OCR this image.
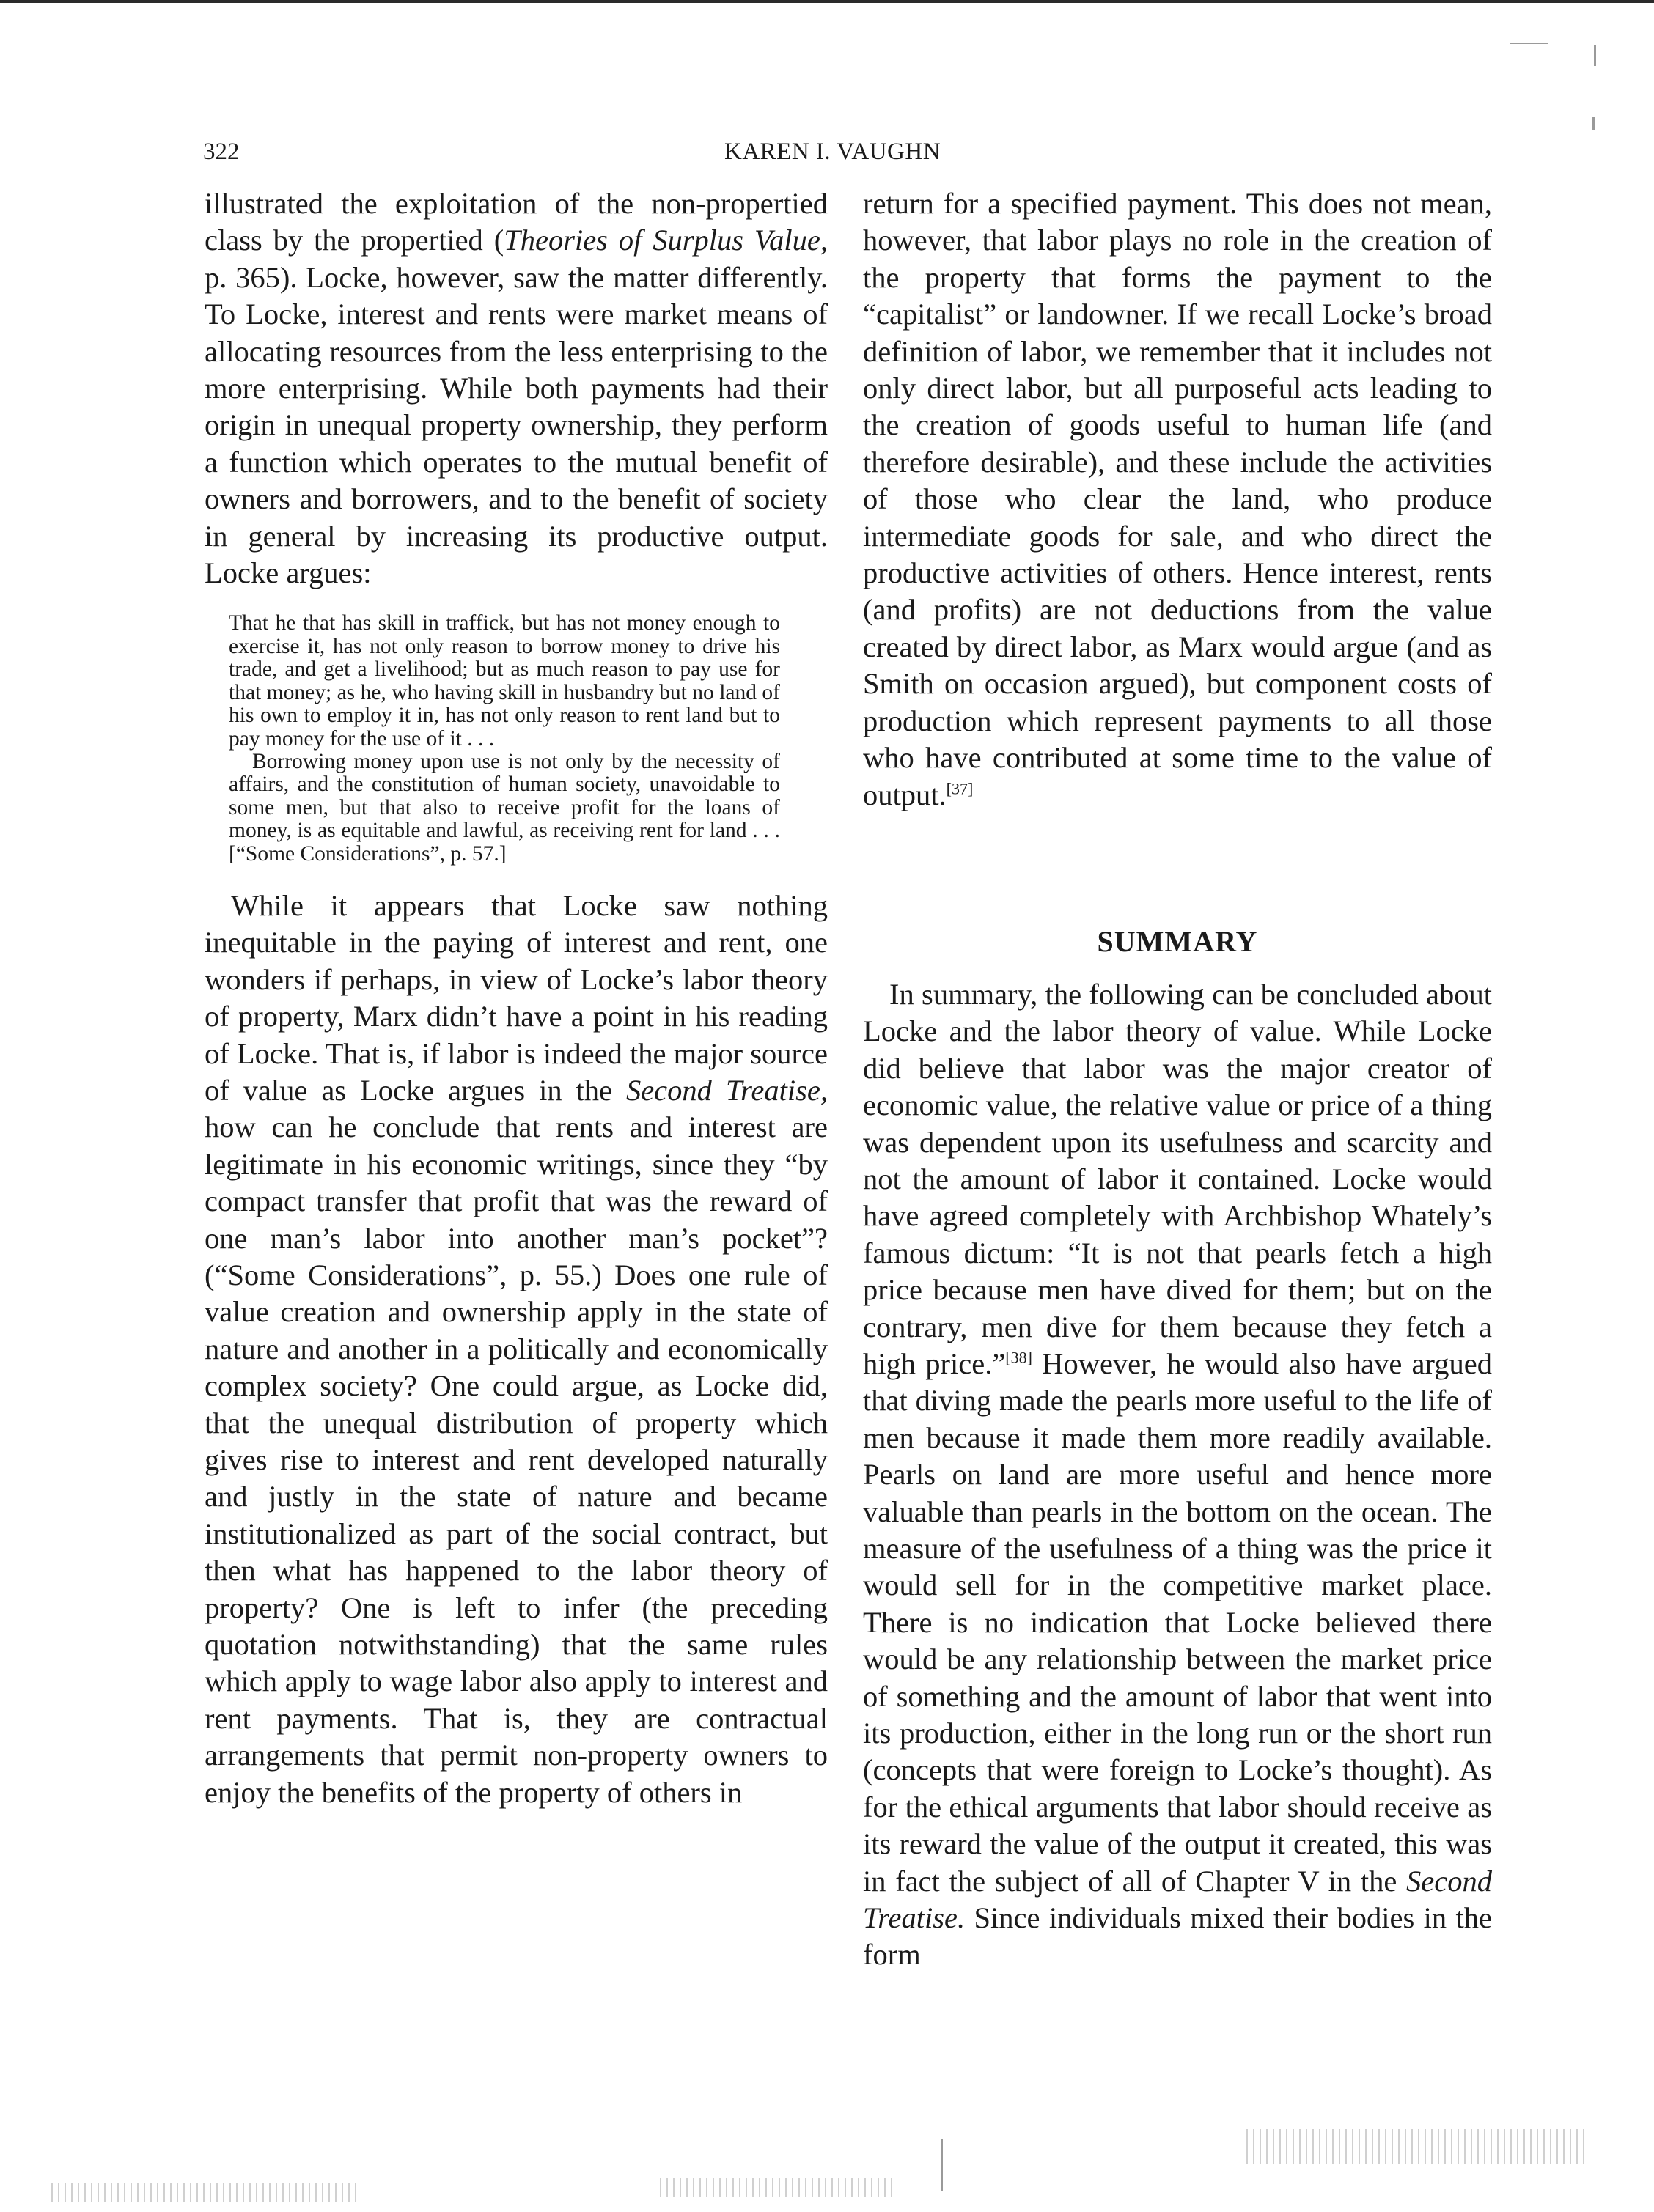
322	KAREN I. VAUGHN

illustrated the exploitation of the non-propertied class by the propertied (Theories of Surplus Value, p. 365). Locke, however, saw the matter differently. To Locke, interest and rents were market means of allocating resources from the less enterprising to the more enterprising. While both payments had their origin in unequal property ownership, they perform a function which operates to the mutual benefit of owners and borrowers, and to the benefit of society in general by increasing its productive output. Locke argues:

That he that has skill in traffick, but has not money enough to exercise it, has not only reason to borrow money to drive his trade, and get a livelihood; but as much reason to pay use for that money; as he, who having skill in husbandry but no land of his own to employ it in, has not only reason to rent land but to pay money for the use of it . . .

Borrowing money upon use is not only by the necessity of affairs, and the constitution of human society, unavoidable to some men, but that also to receive profit for the loans of money, is as equitable and lawful, as receiving rent for land . . . [“Some Considerations”, p. 57.]

While it appears that Locke saw nothing inequitable in the paying of interest and rent, one wonders if perhaps, in view of Locke’s labor theory of property, Marx didn’t have a point in his reading of Locke. That is, if labor is indeed the major source of value as Locke argues in the Second Treatise, how can he conclude that rents and interest are legitimate in his economic writings, since they “by compact transfer that profit that was the reward of one man’s labor into another man’s pocket”? (“Some Considerations”, p. 55.) Does one rule of value creation and ownership apply in the state of nature and another in a politically and economically complex society? One could argue, as Locke did, that the unequal distribution of property which gives rise to interest and rent developed naturally and justly in the state of nature and became institutionalized as part of the social contract, but then what has happened to the labor theory of property? One is left to infer (the preceding quotation notwithstanding) that the same rules which apply to wage labor also apply to interest and rent payments. That is, they are contractual arrangements that permit non-property owners to enjoy the benefits of the property of others in

return for a specified payment. This does not mean, however, that labor plays no role in the creation of the property that forms the payment to the “capitalist” or landowner. If we recall Locke’s broad definition of labor, we remember that it includes not only direct labor, but all purposeful acts leading to the creation of goods useful to human life (and therefore desirable), and these include the activities of those who clear the land, who produce intermediate goods for sale, and who direct the productive activities of others. Hence interest, rents (and profits) are not deductions from the value created by direct labor, as Marx would argue (and as Smith on occasion argued), but component costs of production which represent payments to all those who have contributed at some time to the value of output.[37]

SUMMARY

In summary, the following can be concluded about Locke and the labor theory of value. While Locke did believe that labor was the major creator of economic value, the relative value or price of a thing was dependent upon its usefulness and scarcity and not the amount of labor it contained. Locke would have agreed completely with Archbishop Whately’s famous dictum: “It is not that pearls fetch a high price because men have dived for them; but on the contrary, men dive for them because they fetch a high price.”[38] However, he would also have argued that diving made the pearls more useful to the life of men because it made them more readily available. Pearls on land are more useful and hence more valuable than pearls in the bottom on the ocean. The measure of the usefulness of a thing was the price it would sell for in the competitive market place. There is no indication that Locke believed there would be any relationship between the market price of something and the amount of labor that went into its production, either in the long run or the short run (concepts that were foreign to Locke’s thought). As for the ethical arguments that labor should receive as its reward the value of the output it created, this was in fact the subject of all of Chapter V in the Second Treatise. Since individuals mixed their bodies in the form
